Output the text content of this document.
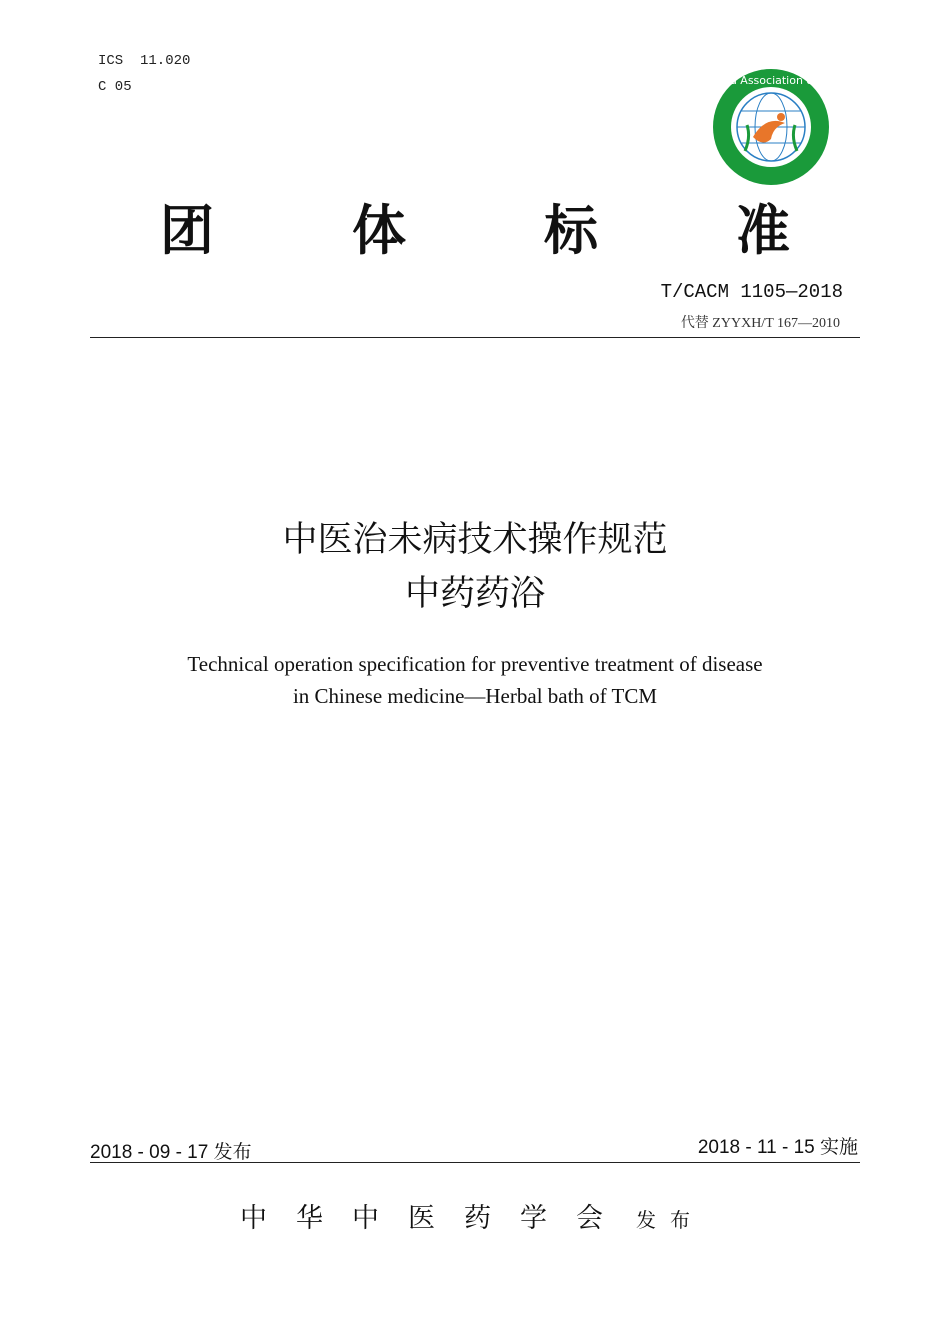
ICS  11.020
C 05	中华中医药学会 China Association of Chinese Medicine
团	体	标	准
T/CACM 1105—2018
代替 ZYYXH/T 167—2010
中医治未病技术操作规范
中药药浴
Technical operation specification for preventive treatment of disease
in Chinese medicine—Herbal bath of TCM
2018 - 09 - 17 发布	2018 - 11 - 15 实施
中华中医药学会 发布
